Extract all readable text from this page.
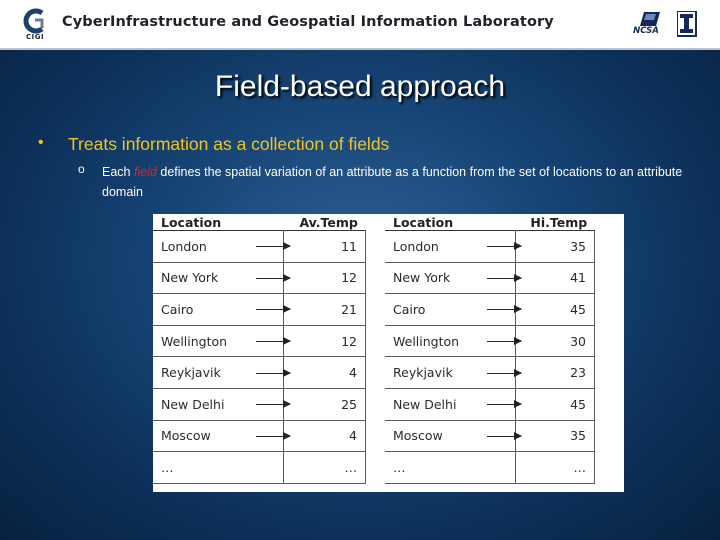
CIGI
CyberInfrastructure and Geospatial Information Laboratory
NCSA
Field-based approach
• Treats information as a collection of fields
o Each field defines the spatial variation of an attribute as a function from the set of locations to an attribute domain
Location	Av.Temp
London	11
New York	12
Cairo	21
Wellington	12
Reykjavik	4
New Delhi	25
Moscow	4
…	…
Location	Hi.Temp
London	35
New York	41
Cairo	45
Wellington	30
Reykjavik	23
New Delhi	45
Moscow	35
…	…
…
